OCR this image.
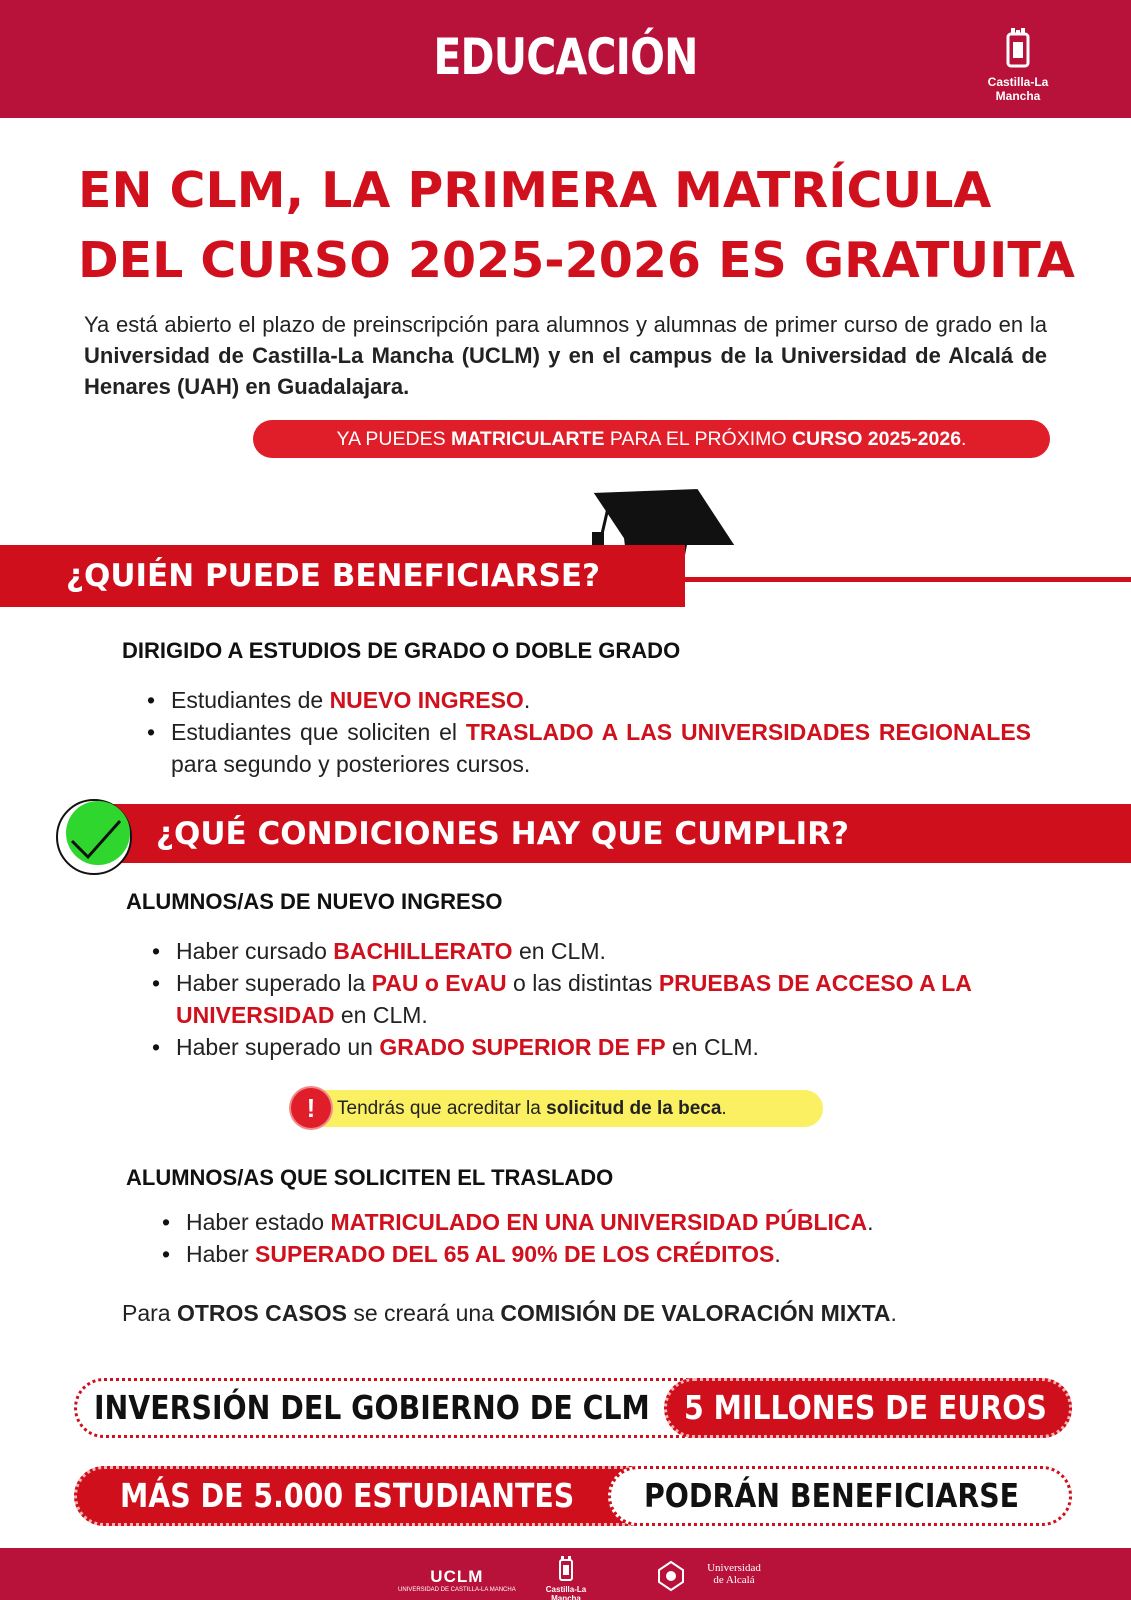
EDUCACIÓN	Castilla-La Mancha
EN CLM, LA PRIMERA MATRÍCULA
DEL CURSO 2025-2026 ES GRATUITA

Ya está abierto el plazo de preinscripción para alumnos y alumnas de primer curso de grado en la Universidad de Castilla-La Mancha (UCLM) y en el campus de la Universidad de Alcalá de Henares (UAH) en Guadalajara.

YA PUEDES MATRICULARTE PARA EL PRÓXIMO CURSO 2025-2026.
¿QUIÉN PUEDE BENEFICIARSE?
DIRIGIDO A ESTUDIOS DE GRADO O DOBLE GRADO
• Estudiantes de NUEVO INGRESO.
• Estudiantes que soliciten el TRASLADO A LAS UNIVERSIDADES REGIONALES para segundo y posteriores cursos.
¿QUÉ CONDICIONES HAY QUE CUMPLIR?
ALUMNOS/AS DE NUEVO INGRESO
• Haber cursado BACHILLERATO en CLM.
• Haber superado la PAU o EvAU o las distintas PRUEBAS DE ACCESO A LA UNIVERSIDAD en CLM.
• Haber superado un GRADO SUPERIOR DE FP en CLM.
Tendrás que acreditar la solicitud de la beca.
!
ALUMNOS/AS QUE SOLICITEN EL TRASLADO
• Haber estado MATRICULADO EN UNA UNIVERSIDAD PÚBLICA.
• Haber SUPERADO DEL 65 AL 90% DE LOS CRÉDITOS.
Para OTROS CASOS se creará una COMISIÓN DE VALORACIÓN MIXTA.
INVERSIÓN DEL GOBIERNO DE CLM 5 MILLONES DE EUROS
MÁS DE 5.000 ESTUDIANTES PODRÁN BENEFICIARSE
UCLM
UNIVERSIDAD DE CASTILLA-LA MANCHA	Castilla-La Mancha
Universidad
de Alcalá
